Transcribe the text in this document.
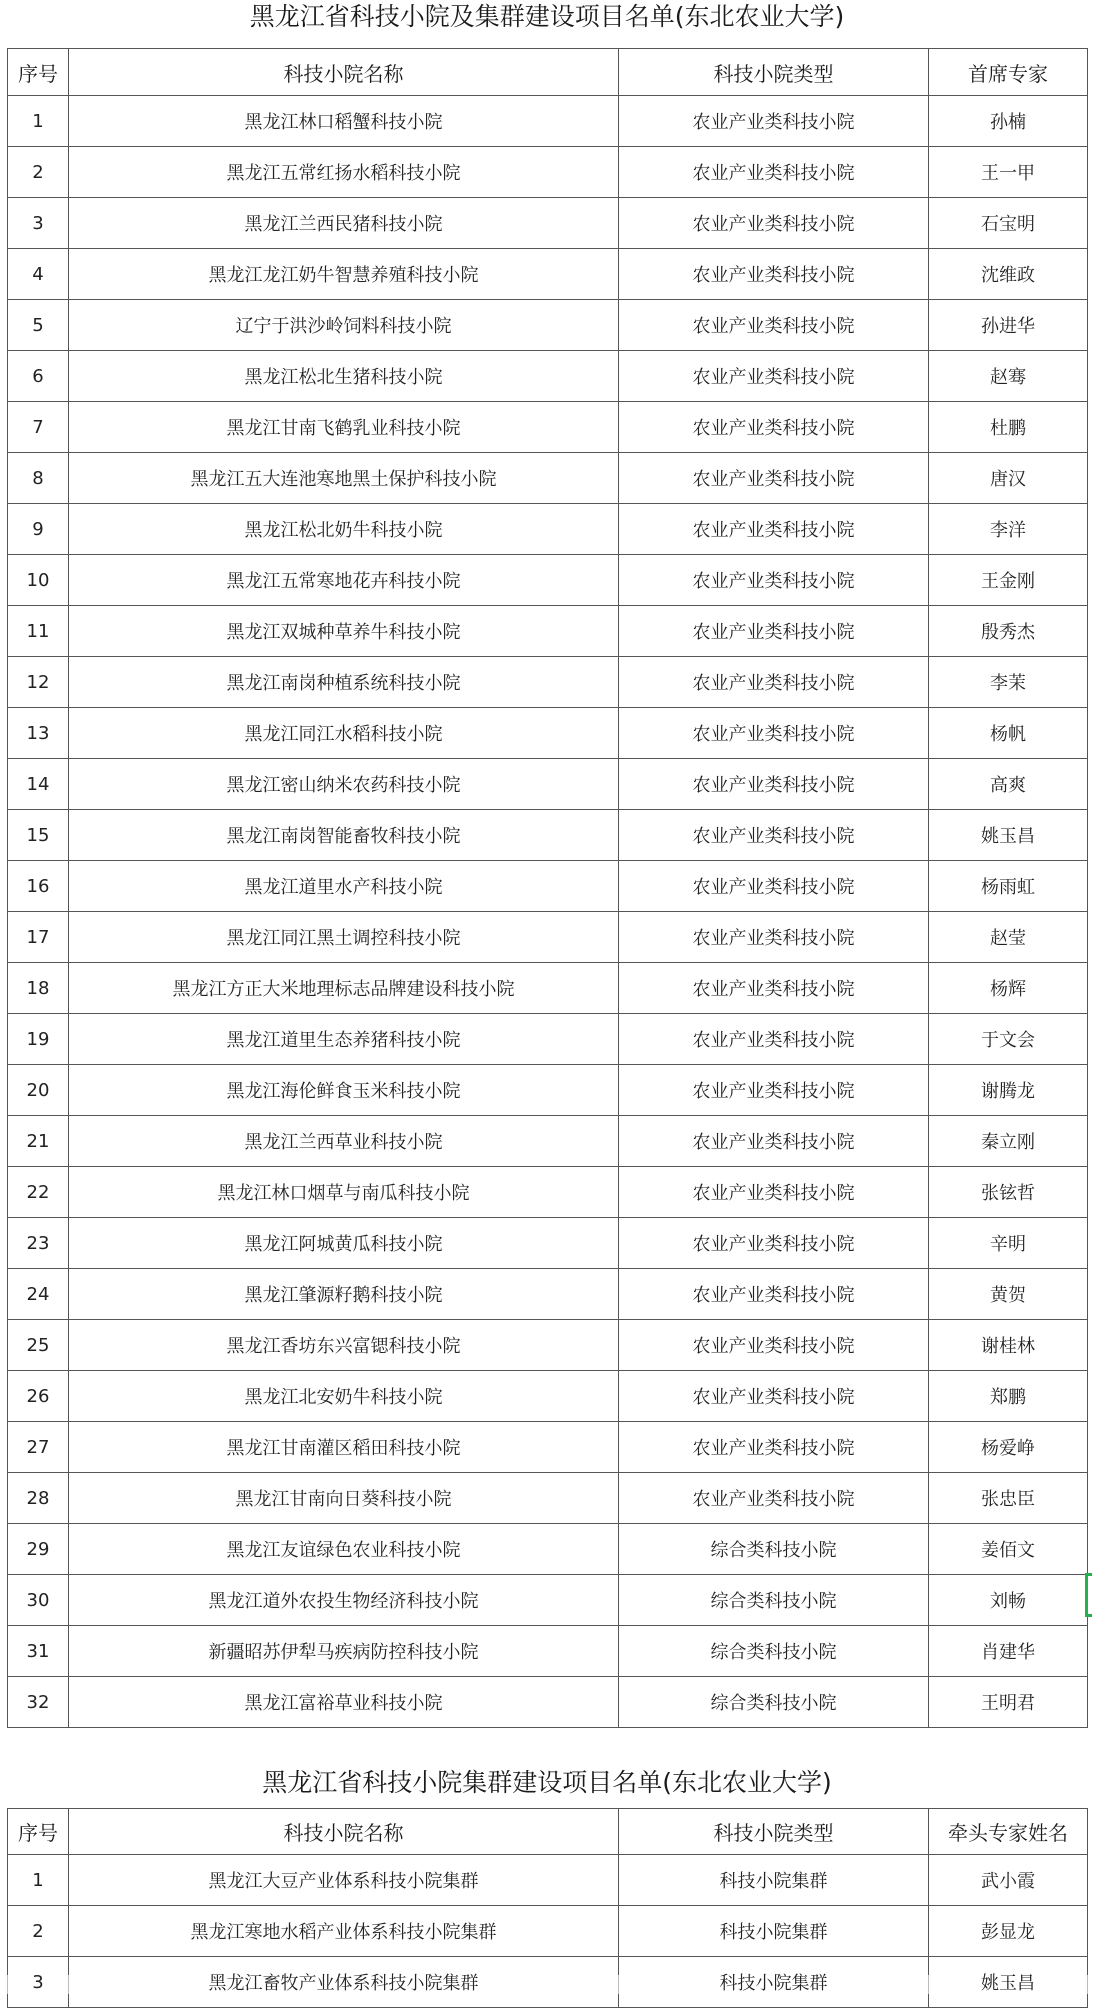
黑龙江省科技小院及集群建设项目名单(东北农业大学)
序号	科技小院名称	科技小院类型	首席专家
1	黑龙江林口稻蟹科技小院	农业产业类科技小院	孙楠
2	黑龙江五常红扬水稻科技小院	农业产业类科技小院	王一甲
3	黑龙江兰西民猪科技小院	农业产业类科技小院	石宝明
4	黑龙江龙江奶牛智慧养殖科技小院	农业产业类科技小院	沈维政
5	辽宁于洪沙岭饲料科技小院	农业产业类科技小院	孙进华
6	黑龙江松北生猪科技小院	农业产业类科技小院	赵骞
7	黑龙江甘南飞鹤乳业科技小院	农业产业类科技小院	杜鹏
8	黑龙江五大连池寒地黑土保护科技小院	农业产业类科技小院	唐汉
9	黑龙江松北奶牛科技小院	农业产业类科技小院	李洋
10	黑龙江五常寒地花卉科技小院	农业产业类科技小院	王金刚
11	黑龙江双城种草养牛科技小院	农业产业类科技小院	殷秀杰
12	黑龙江南岗种植系统科技小院	农业产业类科技小院	李茉
13	黑龙江同江水稻科技小院	农业产业类科技小院	杨帆
14	黑龙江密山纳米农药科技小院	农业产业类科技小院	高爽
15	黑龙江南岗智能畜牧科技小院	农业产业类科技小院	姚玉昌
16	黑龙江道里水产科技小院	农业产业类科技小院	杨雨虹
17	黑龙江同江黑土调控科技小院	农业产业类科技小院	赵莹
18	黑龙江方正大米地理标志品牌建设科技小院	农业产业类科技小院	杨辉
19	黑龙江道里生态养猪科技小院	农业产业类科技小院	于文会
20	黑龙江海伦鲜食玉米科技小院	农业产业类科技小院	谢腾龙
21	黑龙江兰西草业科技小院	农业产业类科技小院	秦立刚
22	黑龙江林口烟草与南瓜科技小院	农业产业类科技小院	张铉哲
23	黑龙江阿城黄瓜科技小院	农业产业类科技小院	辛明
24	黑龙江肇源籽鹅科技小院	农业产业类科技小院	黄贺
25	黑龙江香坊东兴富锶科技小院	农业产业类科技小院	谢桂林
26	黑龙江北安奶牛科技小院	农业产业类科技小院	郑鹏
27	黑龙江甘南灌区稻田科技小院	农业产业类科技小院	杨爱峥
28	黑龙江甘南向日葵科技小院	农业产业类科技小院	张忠臣
29	黑龙江友谊绿色农业科技小院	综合类科技小院	姜佰文
30	黑龙江道外农投生物经济科技小院	综合类科技小院	刘畅
31	新疆昭苏伊犁马疾病防控科技小院	综合类科技小院	肖建华
32	黑龙江富裕草业科技小院	综合类科技小院	王明君
黑龙江省科技小院集群建设项目名单(东北农业大学)
序号	科技小院名称	科技小院类型	牵头专家姓名
1	黑龙江大豆产业体系科技小院集群	科技小院集群	武小霞
2	黑龙江寒地水稻产业体系科技小院集群	科技小院集群	彭显龙
3	黑龙江畜牧产业体系科技小院集群	科技小院集群	姚玉昌
